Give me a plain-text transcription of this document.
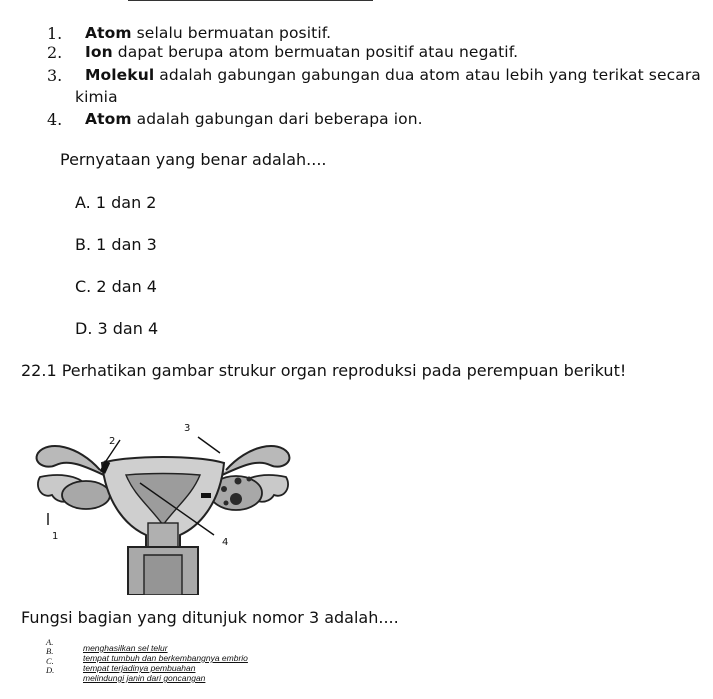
1. Atom selalu bermuatan positif.
2. Ion dapat berupa atom bermuatan positif atau negatif.
3. Molekul adalah gabungan gabungan dua atom atau lebih yang terikat secara
kimia
4. Atom adalah gabungan dari beberapa ion.
Pernyataan yang benar adalah....
A. 1 dan 2
B. 1 dan 3
C. 2 dan 4
D. 3 dan 4
22.1 Perhatikan gambar strukur organ reproduksi pada perempuan berikut!
1
2
3
4
Fungsi bagian yang ditunjuk nomor 3 adalah....
A.
B.
C.
D.
menghasilkan sel telur
tempat tumbuh dan berkembangnya embrio
tempat terjadinya pembuahan
melindungi janin dari goncangan
